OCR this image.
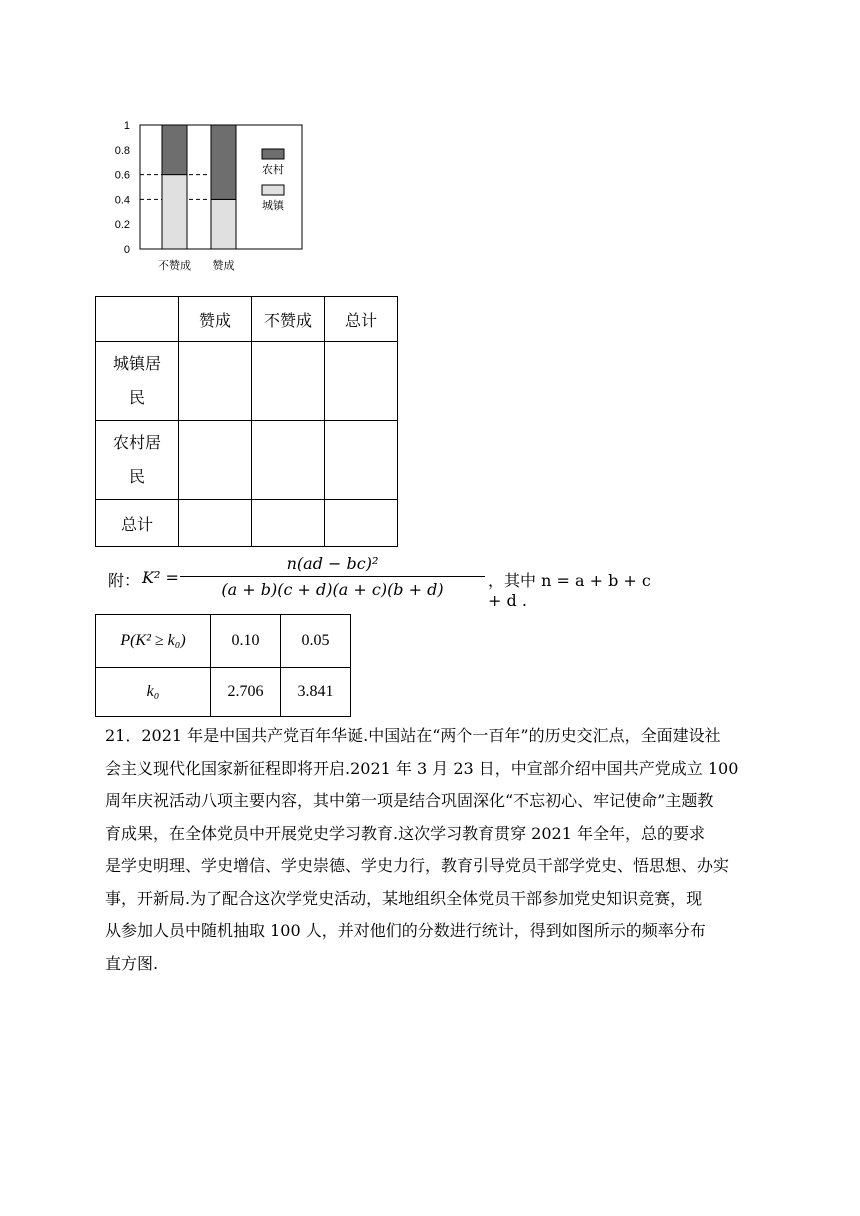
0
0.2
0.4
0.6
0.8
1
不赞成 赞成
农村
城镇
	赞成	不赞成	总计

城镇居
民			

农村居
民			

总计			
附： K² =
n(ad − bc)²
(a + b)(c + d)(a + c)(b + d)	，其中 n = a + b + c + d .
P(K² ≥ k₀)	0.10	0.05
k₀	2.706	3.841
21．2021 年是中国共产党百年华诞.中国站在“两个一百年”的历史交汇点，全面建设社
会主义现代化国家新征程即将开启.2021 年 3 月 23 日，中宣部介绍中国共产党成立 100
周年庆祝活动八项主要内容，其中第一项是结合巩固深化“不忘初心、牢记使命”主题教
育成果，在全体党员中开展党史学习教育.这次学习教育贯穿 2021 年全年，总的要求
是学史明理、学史增信、学史崇德、学史力行，教育引导党员干部学党史、悟思想、办实
事，开新局.为了配合这次学党史活动，某地组织全体党员干部参加党史知识竞赛，现
从参加人员中随机抽取 100 人，并对他们的分数进行统计，得到如图所示的频率分布
直方图.
